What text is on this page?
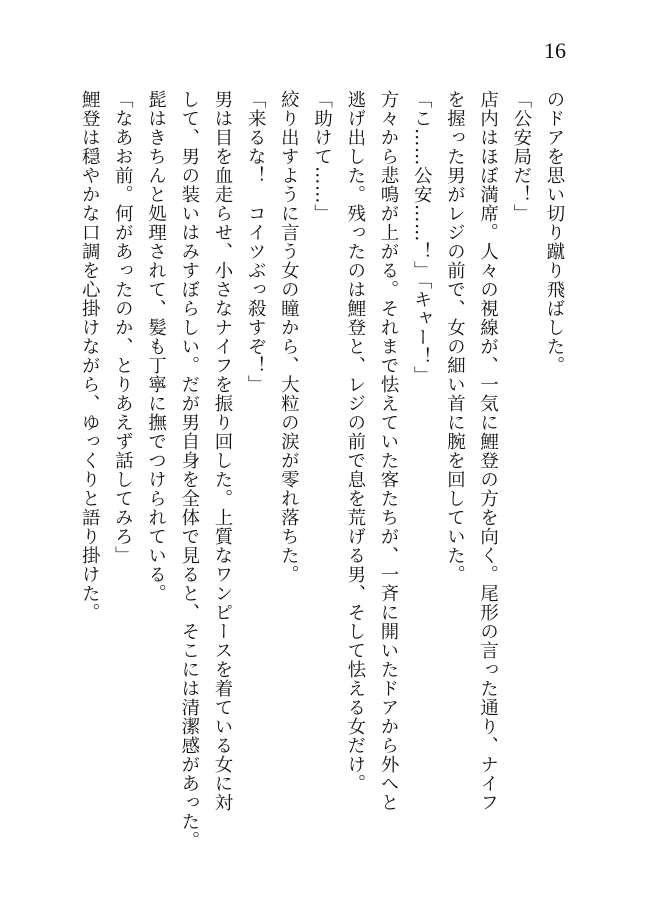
16

のドアを思い切り蹴り飛ばした。

「公安局だ！」

店内はほぼ満席。人々の視線が、一気に鯉登の方を向く。尾形の言った通り、ナイフ

を握った男がレジの前で、女の細い首に腕を回していた。

「こ……公安……！」「キャー！」

方々から悲鳴が上がる。それまで怯えていた客たちが、一斉に開いたドアから外へと

逃げ出した。残ったのは鯉登と、レジの前で息を荒げる男、そして怯える女だけ。

「助けて……」

絞り出すように言う女の瞳から、大粒の涙が零れ落ちた。

「来るな！　コイツぶっ殺すぞ！」

男は目を血走らせ、小さなナイフを振り回した。上質なワンピースを着ている女に対

して、男の装いはみすぼらしい。だが男自身を全体で見ると、そこには清潔感があった。

髭はきちんと処理されて、髪も丁寧に撫でつけられている。

「なあお前。何があったのか、とりあえず話してみろ」

鯉登は穏やかな口調を心掛けながら、ゆっくりと語り掛けた。
